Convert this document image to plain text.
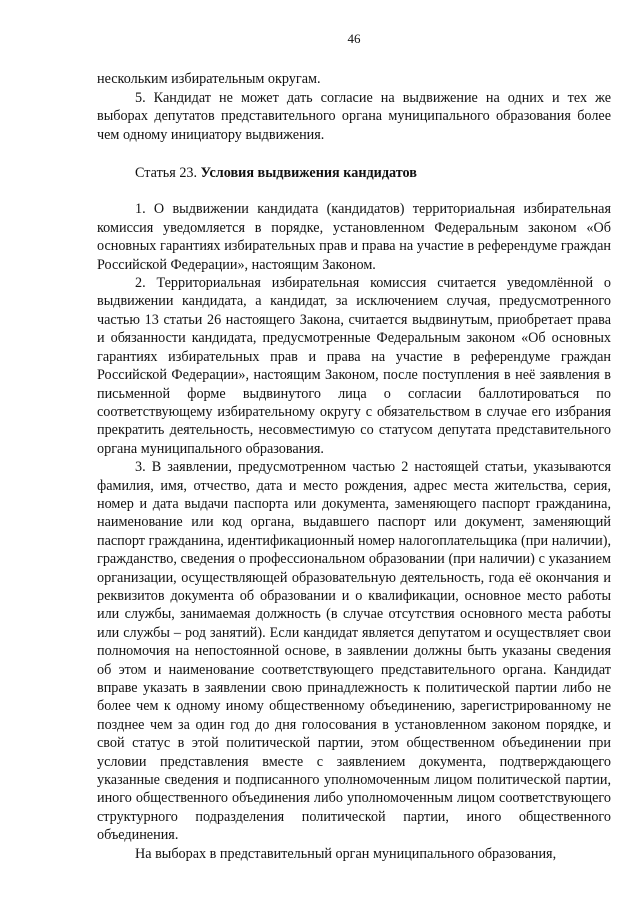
46

нескольким избирательным округам.

5. Кандидат не может дать согласие на выдвижение на одних и тех же выборах депутатов представительного органа муниципального образования более чем одному инициатору выдвижения.

Статья 23. Условия выдвижения кандидатов

1. О выдвижении кандидата (кандидатов) территориальная избирательная комиссия уведомляется в порядке, установленном Федеральным законом «Об основных гарантиях избирательных прав и права на участие в референдуме граждан Российской Федерации», настоящим Законом.

2. Территориальная избирательная комиссия считается уведомлённой о выдвижении кандидата, а кандидат, за исключением случая, предусмотренного частью 13 статьи 26 настоящего Закона, считается выдвинутым, приобретает права и обязанности кандидата, предусмотренные Федеральным законом «Об основных гарантиях избирательных прав и права на участие в референдуме граждан Российской Федерации», настоящим Законом, после поступления в неё заявления в письменной форме выдвинутого лица о согласии баллотироваться по соответствующему избирательному округу с обязательством в случае его избрания прекратить деятельность, несовместимую со статусом депутата представительного органа муниципального образования.

3. В заявлении, предусмотренном частью 2 настоящей статьи, указываются фамилия, имя, отчество, дата и место рождения, адрес места жительства, серия, номер и дата выдачи паспорта или документа, заменяющего паспорт гражданина, наименование или код органа, выдавшего паспорт или документ, заменяющий паспорт гражданина, идентификационный номер налогоплательщика (при наличии), гражданство, сведения о профессиональном образовании (при наличии) с указанием организации, осуществляющей образовательную деятельность, года её окончания и реквизитов документа об образовании и о квалификации, основное место работы или службы, занимаемая должность (в случае отсутствия основного места работы или службы – род занятий). Если кандидат является депутатом и осуществляет свои полномочия на непостоянной основе, в заявлении должны быть указаны сведения об этом и наименование соответствующего представительного органа. Кандидат вправе указать в заявлении свою принадлежность к политической партии либо не более чем к одному иному общественному объединению, зарегистрированному не позднее чем за один год до дня голосования в установленном законом порядке, и свой статус в этой политической партии, этом общественном объединении при условии представления вместе с заявлением документа, подтверждающего указанные сведения и подписанного уполномоченным лицом политической партии, иного общественного объединения либо уполномоченным лицом соответствующего структурного подразделения политической партии, иного общественного объединения.

На выборах в представительный орган муниципального образования,
